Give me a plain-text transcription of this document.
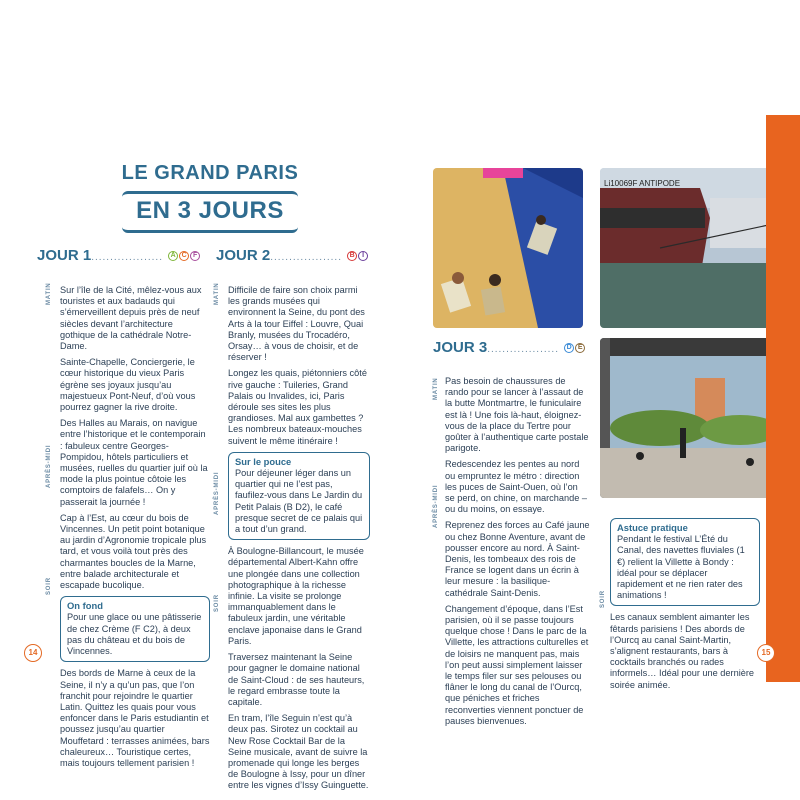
LE GRAND PARIS
EN 3 JOURS
JOUR 1................... A C F
MATIN
APRÈS-MIDI
SOIR

Sur l’île de la Cité, mêlez-vous aux touristes et aux badauds qui s’émerveillent depuis près de neuf siècles devant l’architecture gothique de la cathédrale Notre-Dame.

Sainte-Chapelle, Conciergerie, le cœur historique du vieux Paris égrène ses joyaux jusqu’au majestueux Pont-Neuf, d’où vous pourrez gagner la rive droite.

Des Halles au Marais, on navigue entre l’historique et le contemporain : fabuleux centre Georges-Pompidou, hôtels particuliers et musées, ruelles du quartier juif où la mode la plus pointue côtoie les comptoirs de falafels… On y passerait la journée !

Cap à l’Est, au cœur du bois de Vincennes. Un petit point botanique au jardin d’Agronomie tropicale plus tard, et vous voilà tout près des charmantes boucles de la Marne, entre balade architecturale et escapade bucolique.

On fond
Pour une glace ou une pâtisserie de chez Crème (F C2), à deux pas du château et du bois de Vincennes.

Des bords de Marne à ceux de la Seine, il n’y a qu’un pas, que l’on franchit pour rejoindre le quartier Latin. Quittez les quais pour vous enfoncer dans le Paris estudiantin et poussez jusqu’au quartier Mouffetard : terrasses animées, bars chaleureux… Touristique certes, mais toujours tellement parisien !

JOUR 2................... B I
MATIN
APRÈS-MIDI
SOIR

Difficile de faire son choix parmi les grands musées qui environnent la Seine, du pont des Arts à la tour Eiffel : Louvre, Quai Branly, musées du Trocadéro, Orsay… à vous de choisir, et de réserver !

Longez les quais, piétonniers côté rive gauche : Tuileries, Grand Palais ou Invalides, ici, Paris déroule ses sites les plus grandioses. Mal aux gambettes ? Les nombreux bateaux-mouches suivent le même itinéraire !

Sur le pouce
Pour déjeuner léger dans un quartier qui ne l’est pas, faufilez-vous dans Le Jardin du Petit Palais (B D2), le café presque secret de ce palais qui a tout d’un grand.

À Boulogne-Billancourt, le musée départemental Albert-Kahn offre une plongée dans une collection photographique à la richesse infinie. La visite se prolonge immanquablement dans le fabuleux jardin, une véritable enclave japonaise dans le Grand Paris.

Traversez maintenant la Seine pour gagner le domaine national de Saint-Cloud : de ses hauteurs, le regard embrasse toute la capitale.

En tram, l’île Seguin n’est qu’à deux pas. Sirotez un cocktail au New Rose Cocktail Bar de la Seine musicale, avant de suivre la promenade qui longe les berges de Boulogne à Issy, pour un dîner entre les vignes d’Issy Guinguette.

14
Li10069F ANTIPODE
JOUR 3................... D E
MATIN
APRÈS-MIDI

Pas besoin de chaussures de rando pour se lancer à l’assaut de la butte Montmartre, le funiculaire est là ! Une fois là-haut, éloignez-vous de la place du Tertre pour goûter à l’authentique carte postale parigote.

Redescendez les pentes au nord ou empruntez le métro : direction les puces de Saint-Ouen, où l’on se perd, on chine, on marchande – ou du moins, on essaye.

Reprenez des forces au Café jaune ou chez Bonne Aventure, avant de pousser encore au nord. À Saint-Denis, les tombeaux des rois de France se logent dans un écrin à leur mesure : la basilique-cathédrale Saint-Denis.

Changement d’époque, dans l’Est parisien, où il se passe toujours quelque chose ! Dans le parc de la Villette, les attractions culturelles et de loisirs ne manquent pas, mais l’on peut aussi simplement laisser le temps filer sur ses pelouses ou flâner le long du canal de l’Ourcq, que péniches et friches reconverties viennent ponctuer de pauses bienvenues.

Astuce pratique
Pendant le festival L’Été du Canal, des navettes fluviales (1 €) relient la Villette à Bondy : idéal pour se déplacer rapidement et ne rien rater des animations !

Les canaux semblent aimanter les fêtards parisiens ! Des abords de l’Ourcq au canal Saint-Martin, s’alignent restaurants, bars à cocktails branchés ou rades informels… Idéal pour une dernière soirée animée.

SOIR
15
